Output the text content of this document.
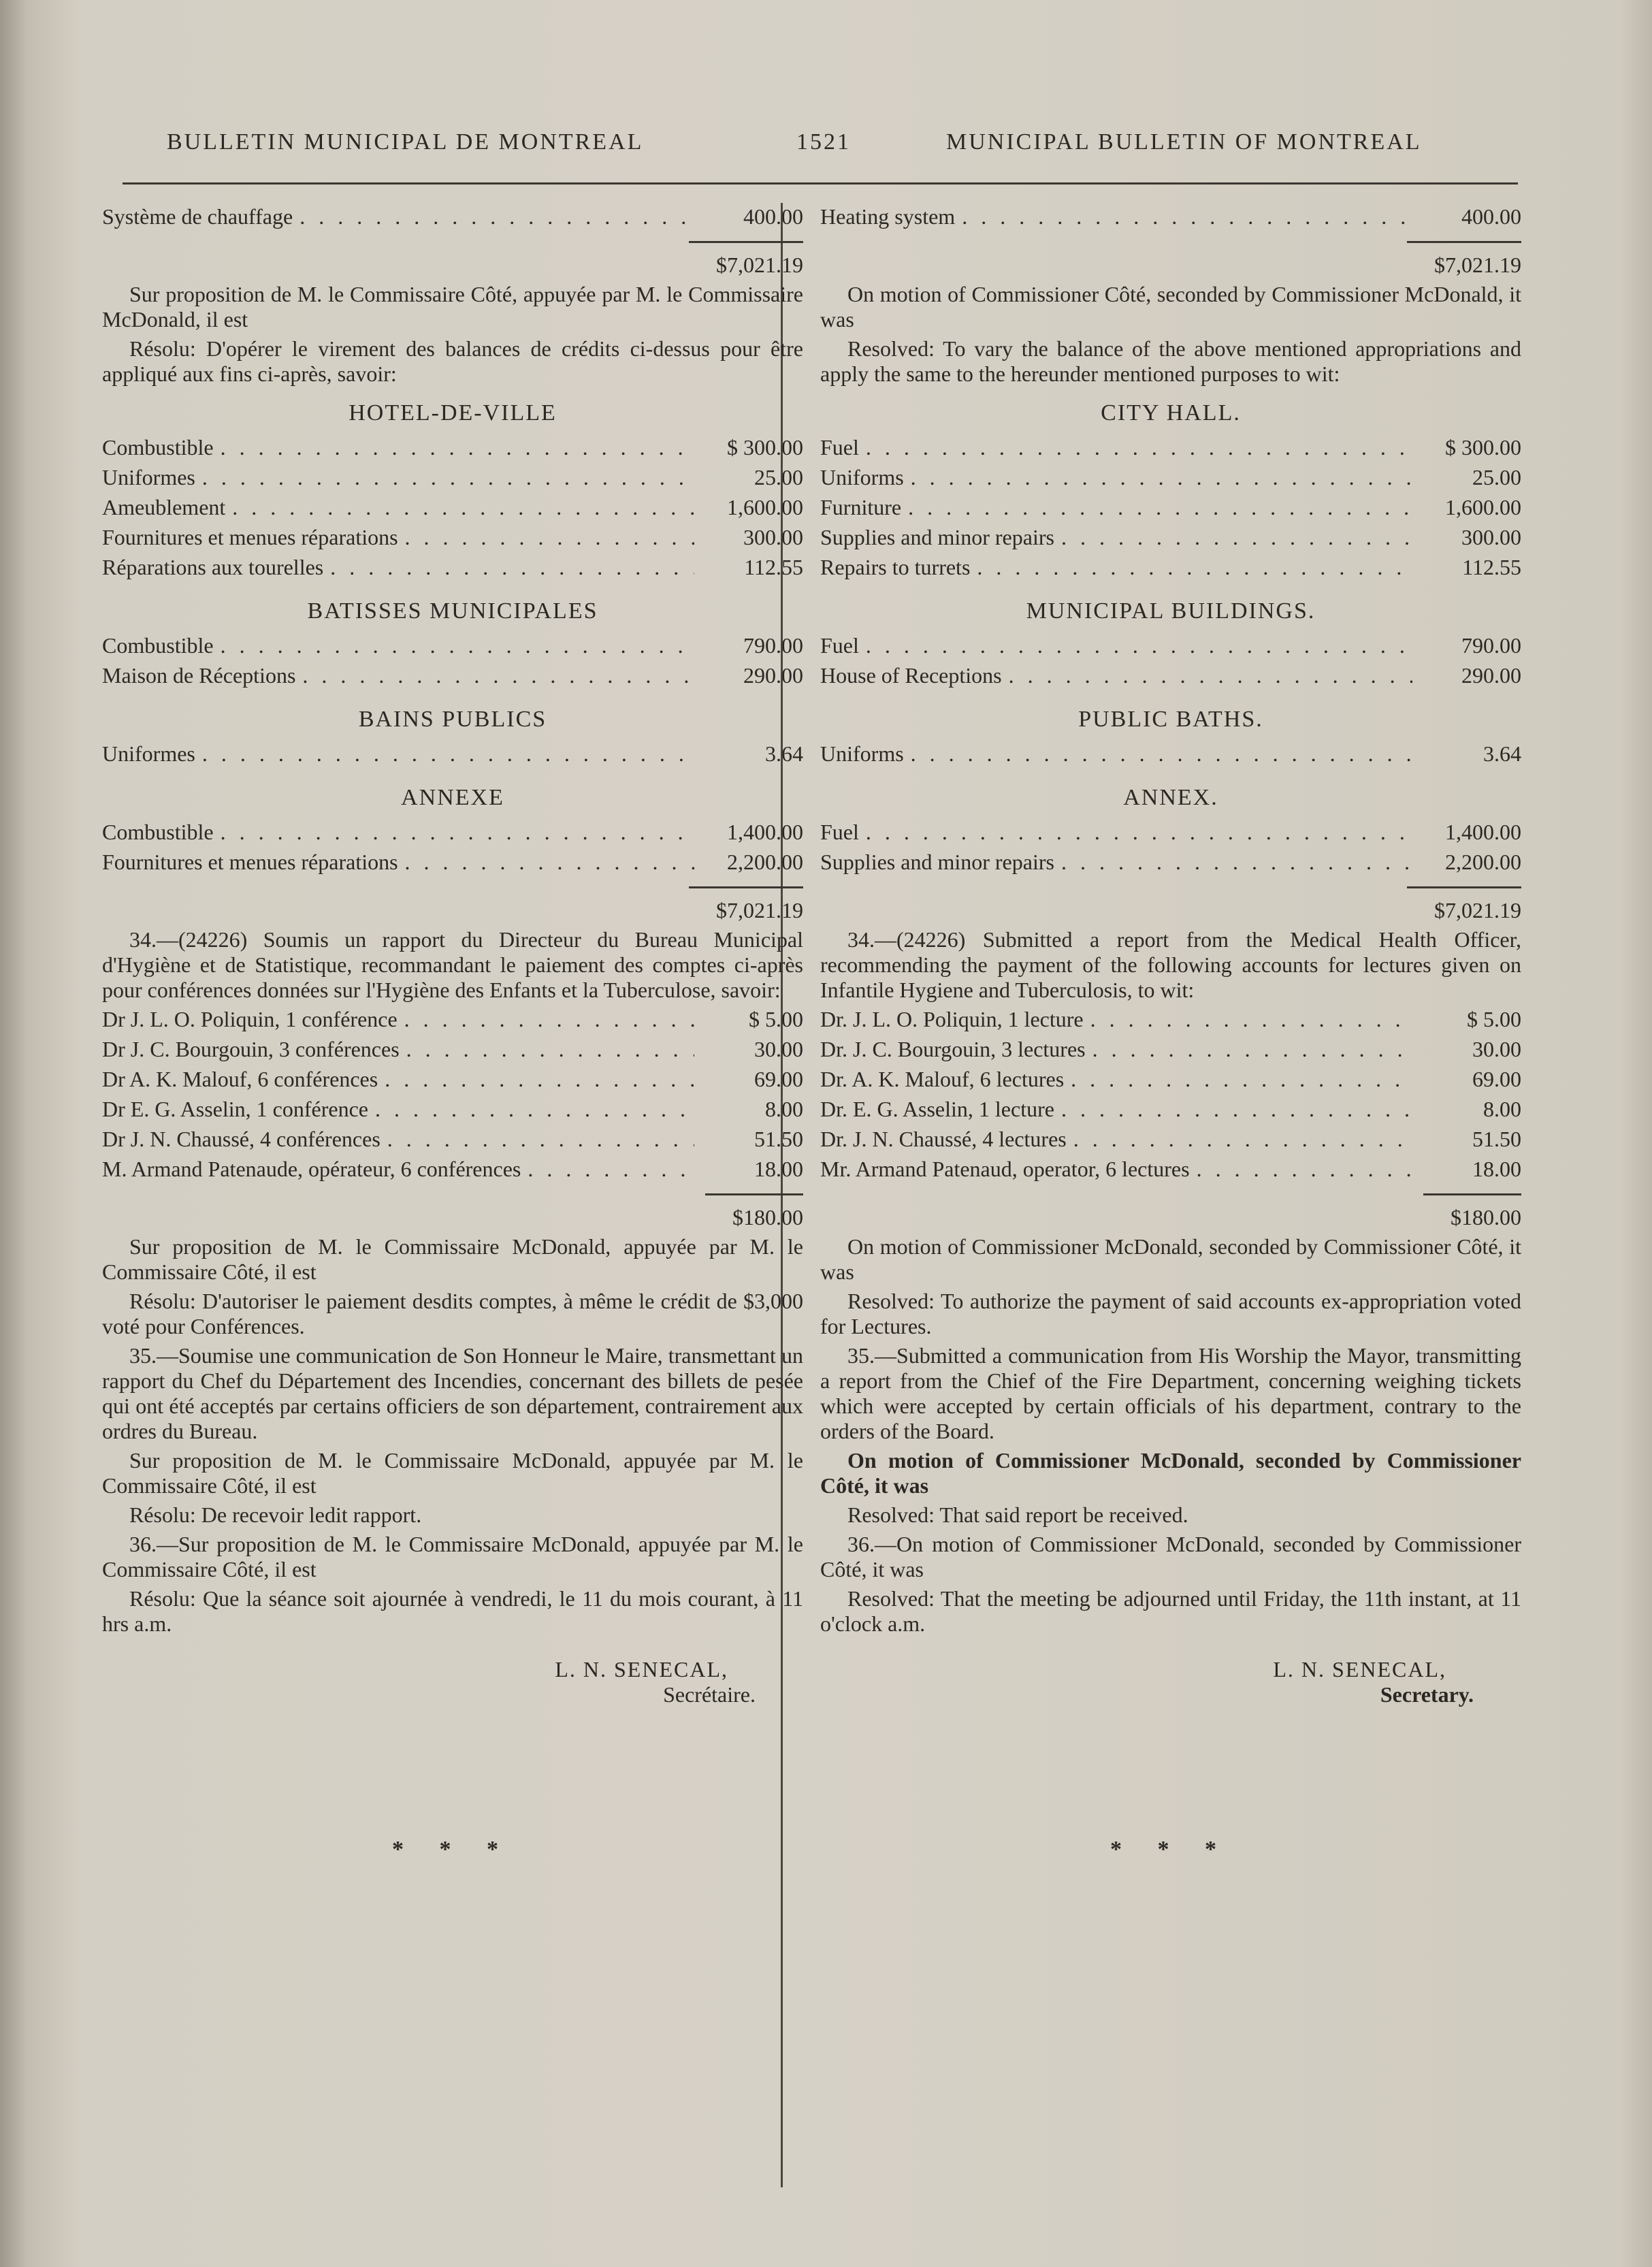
BULLETIN MUNICIPAL DE MONTREAL	1521	MUNICIPAL BULLETIN OF MONTREAL
Système de chauffage . . .	400.00
$7,021.19

Sur proposition de M. le Commissaire Côté, appuyée par M. le Commissaire McDonald, il est

Résolu: D'opérer le virement des balances de crédits ci-dessus pour être appliqué aux fins ci-après, savoir:

HOTEL-DE-VILLE
Combustible . . .	$ 300.00
Uniformes . . .	25.00
Ameublement . . .	1,600.00
Fournitures et menues réparations . . .	300.00
Réparations aux tourelles . . .	112.55
BATISSES MUNICIPALES
Combustible . . .	790.00
Maison de Réceptions . . .	290.00
BAINS PUBLICS
Uniformes . . .	3.64
ANNEXE
Combustible . . .	1,400.00
Fournitures et menues réparations . . .	2,200.00
$7,021.19

34.—(24226) Soumis un rapport du Directeur du Bureau Municipal d'Hygiène et de Statistique, recommandant le paiement des comptes ci-après pour conférences données sur l'Hygiène des Enfants et la Tuberculose, savoir:

Dr J. L. O. Poliquin, 1 conférence . . .	$ 5.00
Dr J. C. Bourgouin, 3 conférences . . .	30.00
Dr A. K. Malouf, 6 conférences . . .	69.00
Dr E. G. Asselin, 1 conférence . . .	8.00
Dr J. N. Chaussé, 4 conférences . . .	51.50
M. Armand Patenaude, opérateur, 6 conférences . . .	18.00
$180.00

Sur proposition de M. le Commissaire McDonald, appuyée par M. le Commissaire Côté, il est

Résolu: D'autoriser le paiement desdits comptes, à même le crédit de $3,000 voté pour Conférences.

35.—Soumise une communication de Son Honneur le Maire, transmettant un rapport du Chef du Département des Incendies, concernant des billets de pesée qui ont été acceptés par certains officiers de son département, contrairement aux ordres du Bureau.

Sur proposition de M. le Commissaire McDonald, appuyée par M. le Commissaire Côté, il est

Résolu: De recevoir ledit rapport.

36.—Sur proposition de M. le Commissaire McDonald, appuyée par M. le Commissaire Côté, il est

Résolu: Que la séance soit ajournée à vendredi, le 11 du mois courant, à 11 hrs a.m.

L. N. SENECAL,
Secrétaire.
* * *
Heating system . . .	400.00
$7,021.19

On motion of Commissioner Côté, seconded by Commissioner McDonald, it was

Resolved: To vary the balance of the above mentioned appropriations and apply the same to the hereunder mentioned purposes to wit:

CITY HALL.
Fuel . . .	$ 300.00
Uniforms . . .	25.00
Furniture . . .	1,600.00
Supplies and minor repairs . . .	300.00
Repairs to turrets . . .	112.55
MUNICIPAL BUILDINGS.
Fuel . . .	790.00
House of Receptions . . .	290.00
PUBLIC BATHS.
Uniforms . . .	3.64
ANNEX.
Fuel . . .	1,400.00
Supplies and minor repairs . . .	2,200.00
$7,021.19

34.—(24226) Submitted a report from the Medical Health Officer, recommending the payment of the following accounts for lectures given on Infantile Hygiene and Tuberculosis, to wit:

Dr. J. L. O. Poliquin, 1 lecture . . .	$ 5.00
Dr. J. C. Bourgouin, 3 lectures . . .	30.00
Dr. A. K. Malouf, 6 lectures . . .	69.00
Dr. E. G. Asselin, 1 lecture . . .	8.00
Dr. J. N. Chaussé, 4 lectures . . .	51.50
Mr. Armand Patenaud, operator, 6 lectures . . .	18.00
$180.00

On motion of Commissioner McDonald, seconded by Commissioner Côté, it was

Resolved: To authorize the payment of said accounts ex-appropriation voted for Lectures.

35.—Submitted a communication from His Worship the Mayor, transmitting a report from the Chief of the Fire Department, concerning weighing tickets which were accepted by certain officials of his department, contrary to the orders of the Board.

On motion of Commissioner McDonald, seconded by Commissioner Côté, it was

Resolved: That said report be received.

36.—On motion of Commissioner McDonald, seconded by Commissioner Côté, it was

Resolved: That the meeting be adjourned until Friday, the 11th instant, at 11 o'clock a.m.

L. N. SENECAL,
Secretary.
* * *
